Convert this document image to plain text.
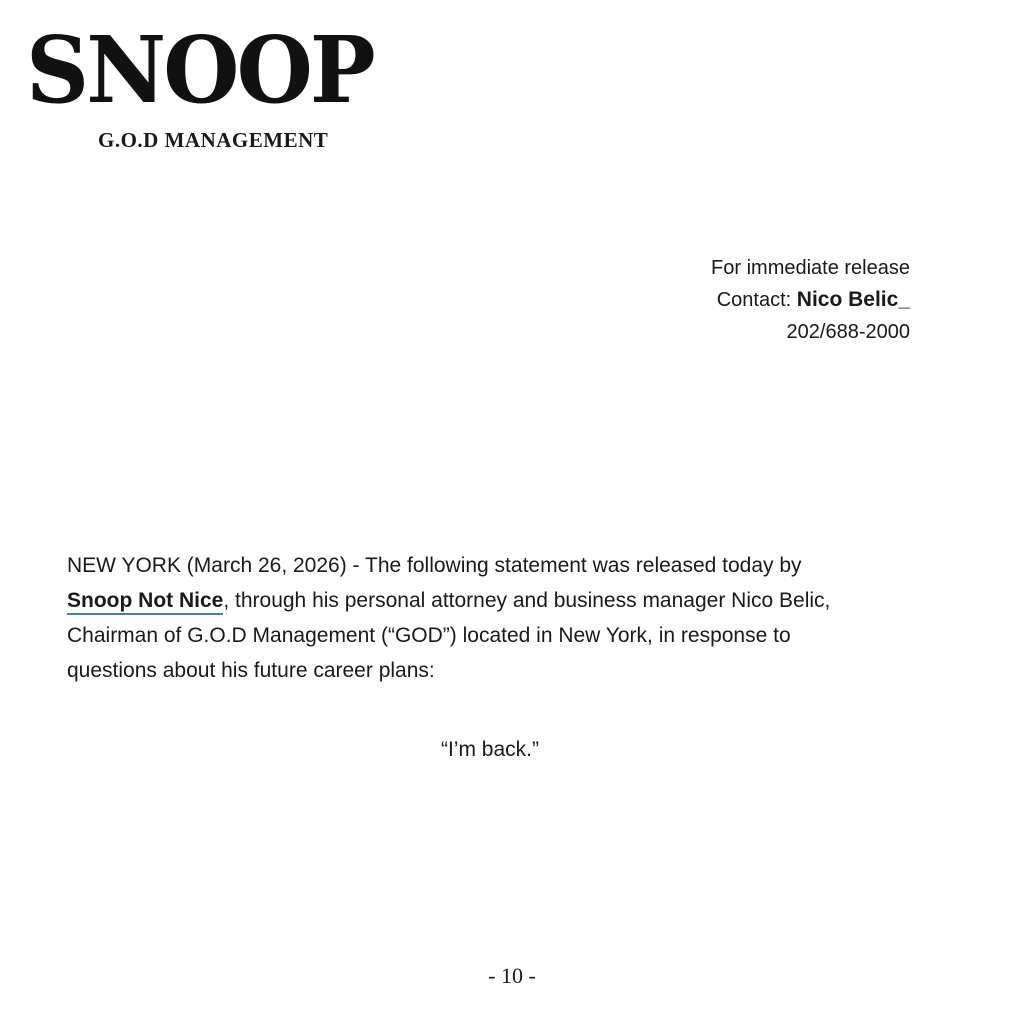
SNOOP
G.O.D MANAGEMENT
For immediate release
Contact: Nico Belic_
202/688-2000
NEW YORK (March 26, 2026) - The following statement was released today by
Snoop Not Nice, through his personal attorney and business manager Nico Belic,
Chairman of G.O.D Management (“GOD”) located in New York, in response to
questions about his future career plans:
“I’m back.”
- 10 -
